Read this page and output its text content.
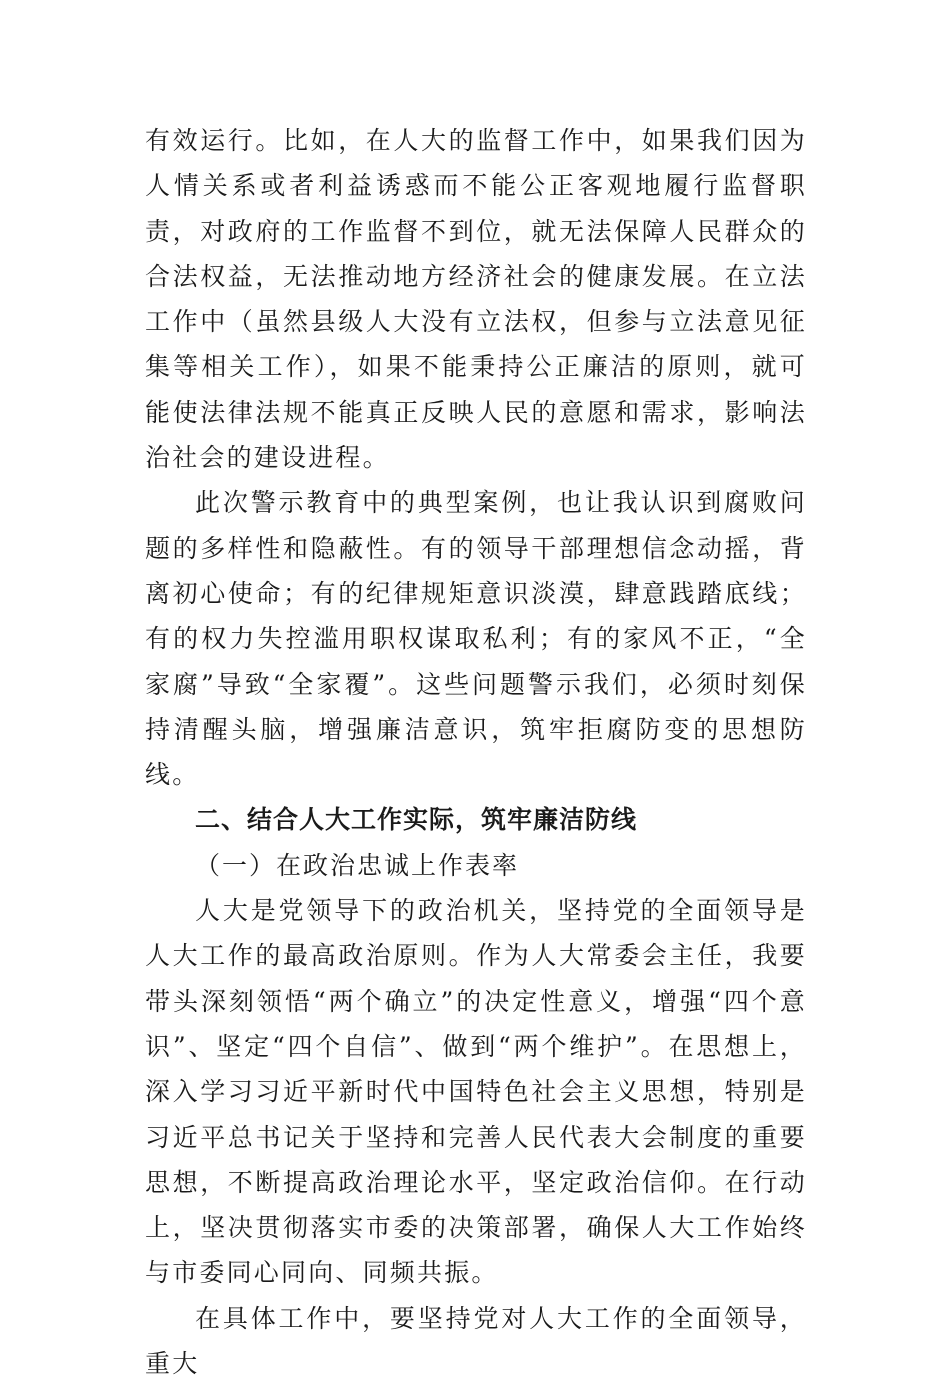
有效运行。比如，在人大的监督工作中，如果我们因为人情关系或者利益诱惑而不能公正客观地履行监督职责，对政府的工作监督不到位，就无法保障人民群众的合法权益，无法推动地方经济社会的健康发展。在立法工作中（虽然县级人大没有立法权，但参与立法意见征集等相关工作），如果不能秉持公正廉洁的原则，就可能使法律法规不能真正反映人民的意愿和需求，影响法治社会的建设进程。

此次警示教育中的典型案例，也让我认识到腐败问题的多样性和隐蔽性。有的领导干部理想信念动摇，背离初心使命；有的纪律规矩意识淡漠，肆意践踏底线；有的权力失控滥用职权谋取私利；有的家风不正，“全家腐”导致“全家覆”。这些问题警示我们，必须时刻保持清醒头脑，增强廉洁意识，筑牢拒腐防变的思想防线。

二、结合人大工作实际，筑牢廉洁防线

（一）在政治忠诚上作表率

人大是党领导下的政治机关，坚持党的全面领导是人大工作的最高政治原则。作为人大常委会主任，我要带头深刻领悟“两个确立”的决定性意义，增强“四个意识”、坚定“四个自信”、做到“两个维护”。在思想上，深入学习习近平新时代中国特色社会主义思想，特别是习近平总书记关于坚持和完善人民代表大会制度的重要思想，不断提高政治理论水平，坚定政治信仰。在行动上，坚决贯彻落实市委的决策部署，确保人大工作始终与市委同心同向、同频共振。

在具体工作中，要坚持党对人大工作的全面领导，重大
